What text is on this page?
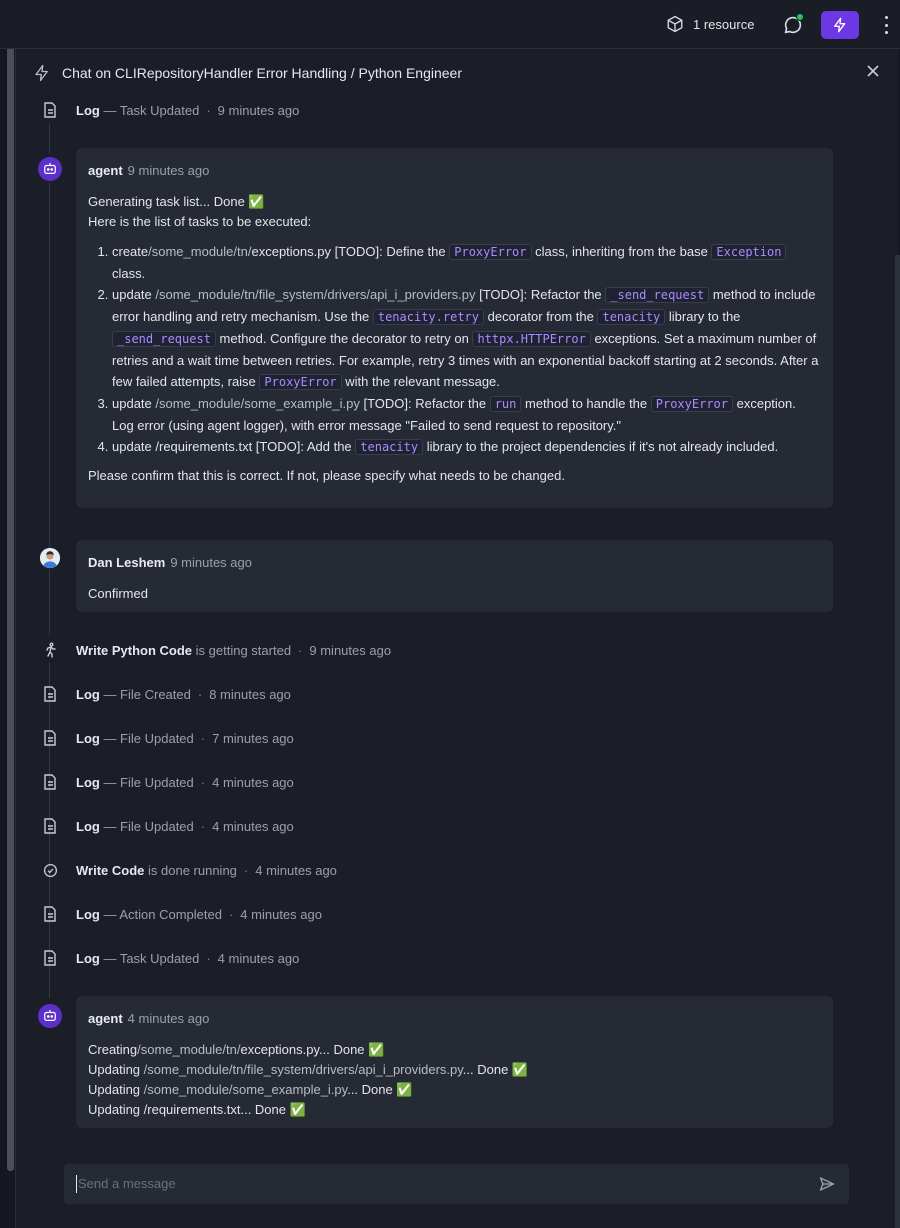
1 resource
Chat on CLIRepositoryHandler Error Handling / Python Engineer
Log — Task Updated · 9 minutes ago
agent 9 minutes ago
Generating task list... Done ✅
Here is the list of tasks to be executed:
1. create/some_module/tn/exceptions.py [TODO]: Define the ProxyError class, inheriting from the base Exception class.
2. update /some_module/tn/file_system/drivers/api_i_providers.py [TODO]: Refactor the _send_request method to include error handling and retry mechanism. Use the tenacity.retry decorator from the tenacity library to the _send_request method. Configure the decorator to retry on httpx.HTTPError exceptions. Set a maximum number of retries and a wait time between retries. For example, retry 3 times with an exponential backoff starting at 2 seconds. After a few failed attempts, raise ProxyError with the relevant message.
3. update /some_module/some_example_i.py [TODO]: Refactor the run method to handle the ProxyError exception. Log error (using agent logger), with error message "Failed to send request to repository."
4. update /requirements.txt [TODO]: Add the tenacity library to the project dependencies if it's not already included.
Please confirm that this is correct. If not, please specify what needs to be changed.
Dan Leshem 9 minutes ago
Confirmed
Write Python Code is getting started · 9 minutes ago
Log — File Created · 8 minutes ago
Log — File Updated · 7 minutes ago
Log — File Updated · 4 minutes ago
Log — File Updated · 4 minutes ago
Write Code is done running · 4 minutes ago
Log — Action Completed · 4 minutes ago
Log — Task Updated · 4 minutes ago
agent 4 minutes ago
Creating/some_module/tn/exceptions.py... Done ✅
Updating /some_module/tn/file_system/drivers/api_i_providers.py... Done ✅
Updating /some_module/some_example_i.py... Done ✅
Updating /requirements.txt... Done ✅
Send a message
